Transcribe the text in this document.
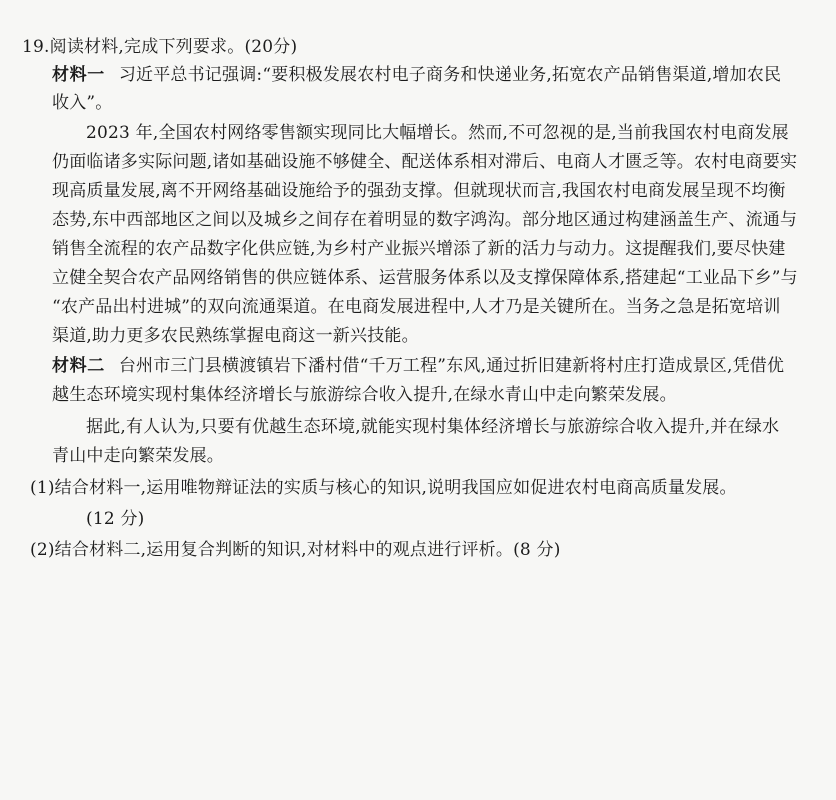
19.阅读材料,完成下列要求。(20分)
材料一 习近平总书记强调:“要积极发展农村电子商务和快递业务,拓宽农产品销售渠道,增加农民
收入”。
2023 年,全国农村网络零售额实现同比大幅增长。然而,不可忽视的是,当前我国农村电商发展
仍面临诸多实际问题,诸如基础设施不够健全、配送体系相对滞后、电商人才匮乏等。农村电商要实
现高质量发展,离不开网络基础设施给予的强劲支撑。但就现状而言,我国农村电商发展呈现不均衡
态势,东中西部地区之间以及城乡之间存在着明显的数字鸿沟。部分地区通过构建涵盖生产、流通与
销售全流程的农产品数字化供应链,为乡村产业振兴增添了新的活力与动力。这提醒我们,要尽快建
立健全契合农产品网络销售的供应链体系、运营服务体系以及支撑保障体系,搭建起“工业品下乡”与
“农产品出村进城”的双向流通渠道。在电商发展进程中,人才乃是关键所在。当务之急是拓宽培训
渠道,助力更多农民熟练掌握电商这一新兴技能。
材料二 台州市三门县横渡镇岩下潘村借“千万工程”东风,通过折旧建新将村庄打造成景区,凭借优
越生态环境实现村集体经济增长与旅游综合收入提升,在绿水青山中走向繁荣发展。
据此,有人认为,只要有优越生态环境,就能实现村集体经济增长与旅游综合收入提升,并在绿水
青山中走向繁荣发展。
(1)结合材料一,运用唯物辩证法的实质与核心的知识,说明我国应如促进农村电商高质量发展。
(12 分)
(2)结合材料二,运用复合判断的知识,对材料中的观点进行评析。(8 分)
